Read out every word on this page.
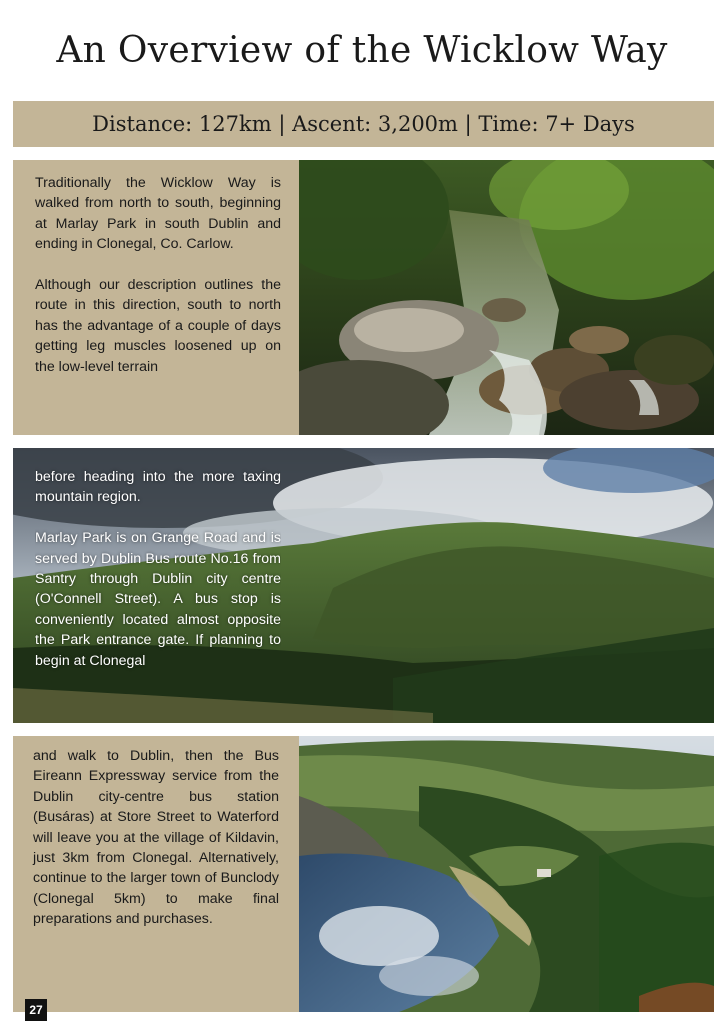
An Overview of the Wicklow Way
Distance: 127km | Ascent: 3,200m | Time: 7+ Days

Traditionally the Wicklow Way is walked from north to south, beginning at Marlay Park in south Dublin and ending in Clonegal, Co. Carlow.

Although our description outlines the route in this direction, south to north has the advantage of a couple of days getting leg muscles loosened up on the low-level terrain

before heading into the more taxing mountain region.

Marlay Park is on Grange Road and is served by Dublin Bus route No.16 from Santry through Dublin city centre (O'Connell Street). A bus stop is conveniently located almost opposite the Park entrance gate. If planning to begin at Clonegal

and walk to Dublin, then the Bus Eireann Expressway service from the Dublin city-centre bus station (Busáras) at Store Street to Waterford will leave you at the village of Kildavin, just 3km from Clonegal. Alternatively, continue to the larger town of Bunclody (Clonegal 5km) to make final preparations and purchases.

27
